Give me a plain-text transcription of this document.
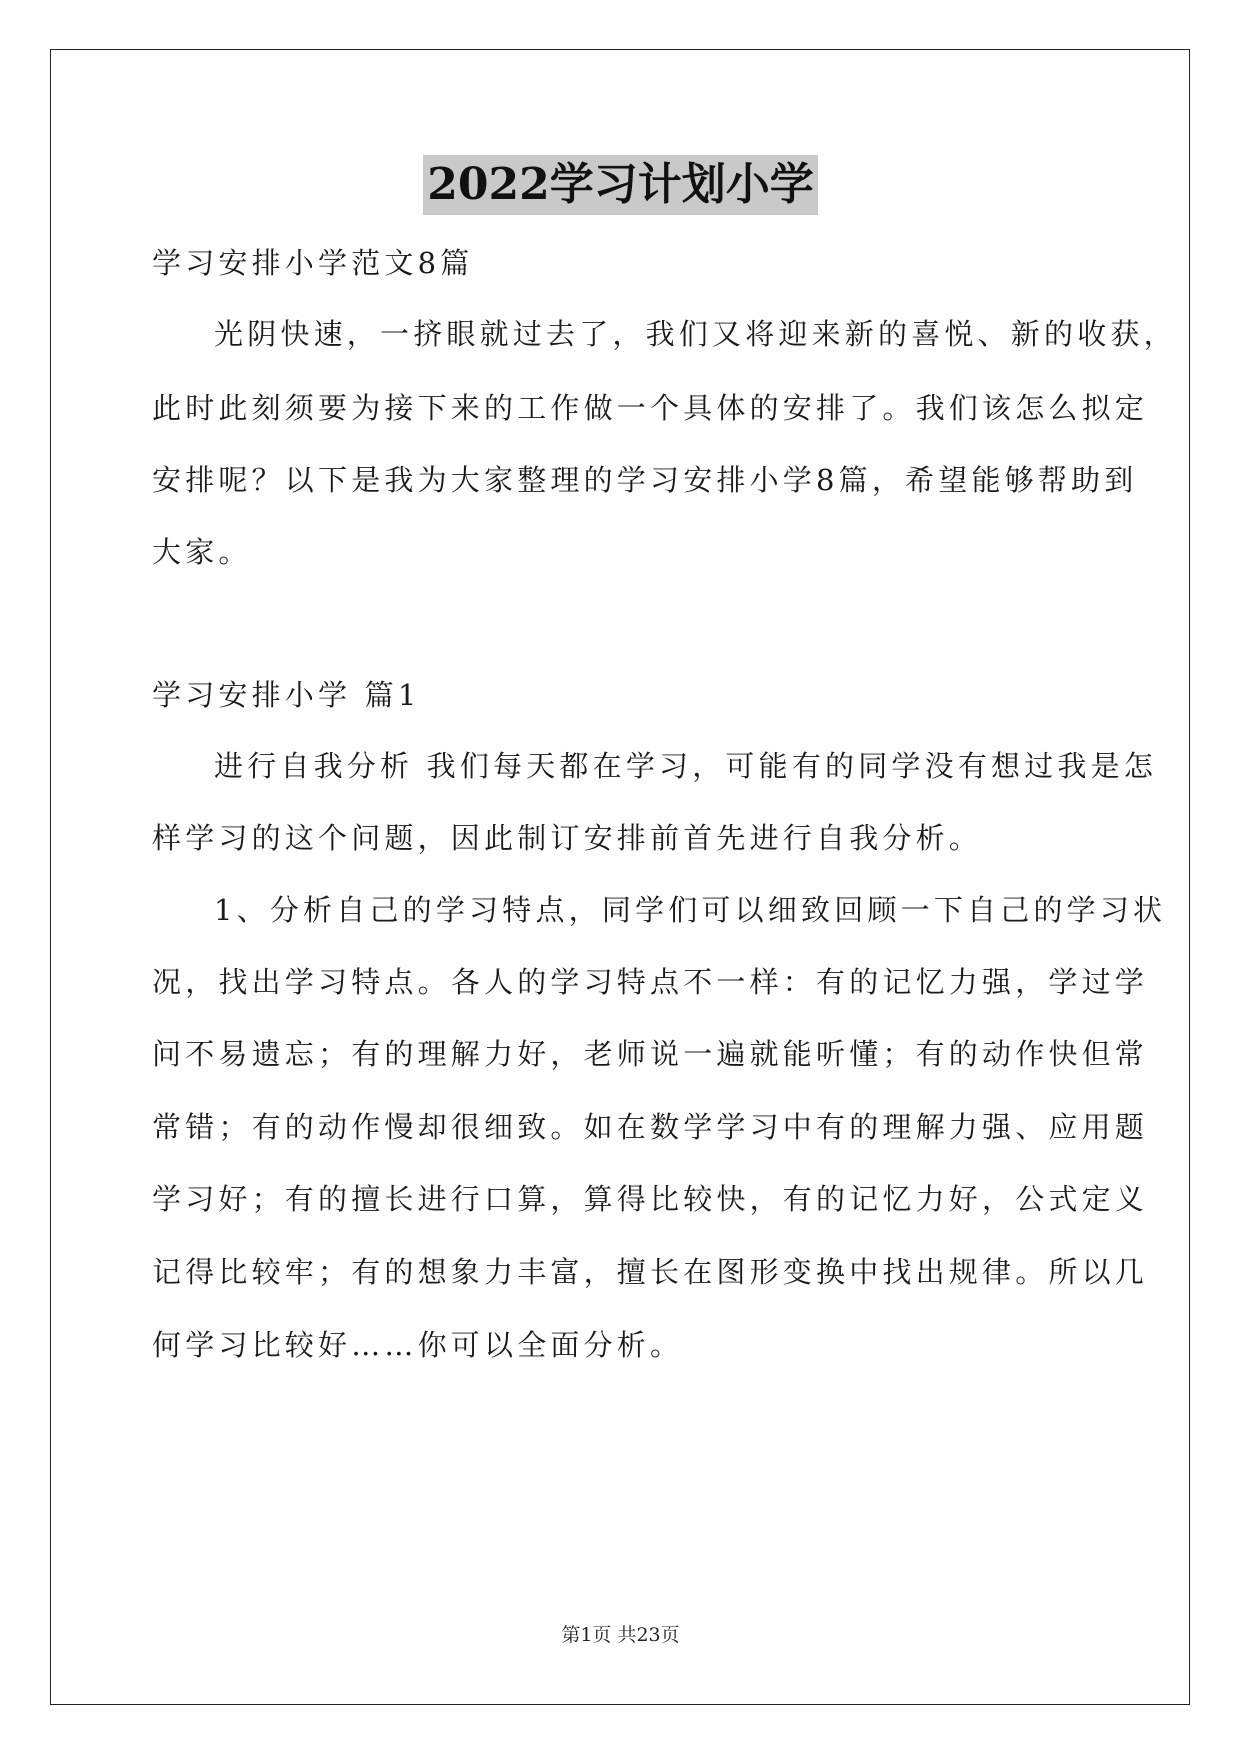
2022学习计划小学
学习安排小学范文8篇
光阴快速，一挤眼就过去了，我们又将迎来新的喜悦、新的收获，
此时此刻须要为接下来的工作做一个具体的安排了。我们该怎么拟定
安排呢？以下是我为大家整理的学习安排小学8篇，希望能够帮助到
大家。
学习安排小学 篇1
进行自我分析 我们每天都在学习，可能有的同学没有想过我是怎
样学习的这个问题，因此制订安排前首先进行自我分析。
1、分析自己的学习特点，同学们可以细致回顾一下自己的学习状
况，找出学习特点。各人的学习特点不一样：有的记忆力强，学过学
问不易遗忘；有的理解力好，老师说一遍就能听懂；有的动作快但常
常错；有的动作慢却很细致。如在数学学习中有的理解力强、应用题
学习好；有的擅长进行口算，算得比较快，有的记忆力好，公式定义
记得比较牢；有的想象力丰富，擅长在图形变换中找出规律。所以几
何学习比较好……你可以全面分析。
第1页 共23页
